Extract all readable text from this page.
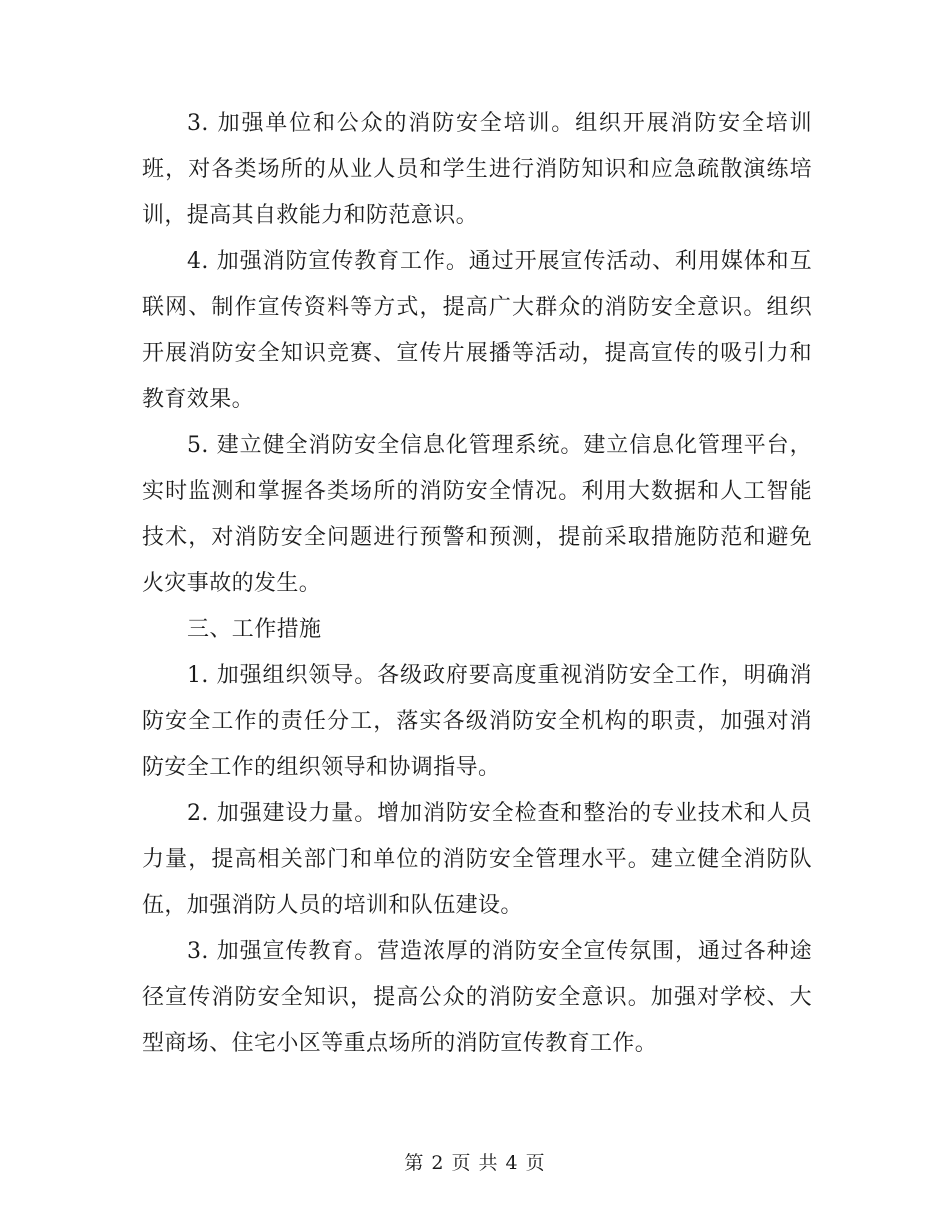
3. 加强单位和公众的消防安全培训。组织开展消防安全培训班，对各类场所的从业人员和学生进行消防知识和应急疏散演练培训，提高其自救能力和防范意识。

4. 加强消防宣传教育工作。通过开展宣传活动、利用媒体和互联网、制作宣传资料等方式，提高广大群众的消防安全意识。组织开展消防安全知识竞赛、宣传片展播等活动，提高宣传的吸引力和教育效果。

5. 建立健全消防安全信息化管理系统。建立信息化管理平台，实时监测和掌握各类场所的消防安全情况。利用大数据和人工智能技术，对消防安全问题进行预警和预测，提前采取措施防范和避免火灾事故的发生。

三、工作措施

1. 加强组织领导。各级政府要高度重视消防安全工作，明确消防安全工作的责任分工，落实各级消防安全机构的职责，加强对消防安全工作的组织领导和协调指导。

2. 加强建设力量。增加消防安全检查和整治的专业技术和人员力量，提高相关部门和单位的消防安全管理水平。建立健全消防队伍，加强消防人员的培训和队伍建设。

3. 加强宣传教育。营造浓厚的消防安全宣传氛围，通过各种途径宣传消防安全知识，提高公众的消防安全意识。加强对学校、大型商场、住宅小区等重点场所的消防宣传教育工作。

第 2 页 共 4 页
